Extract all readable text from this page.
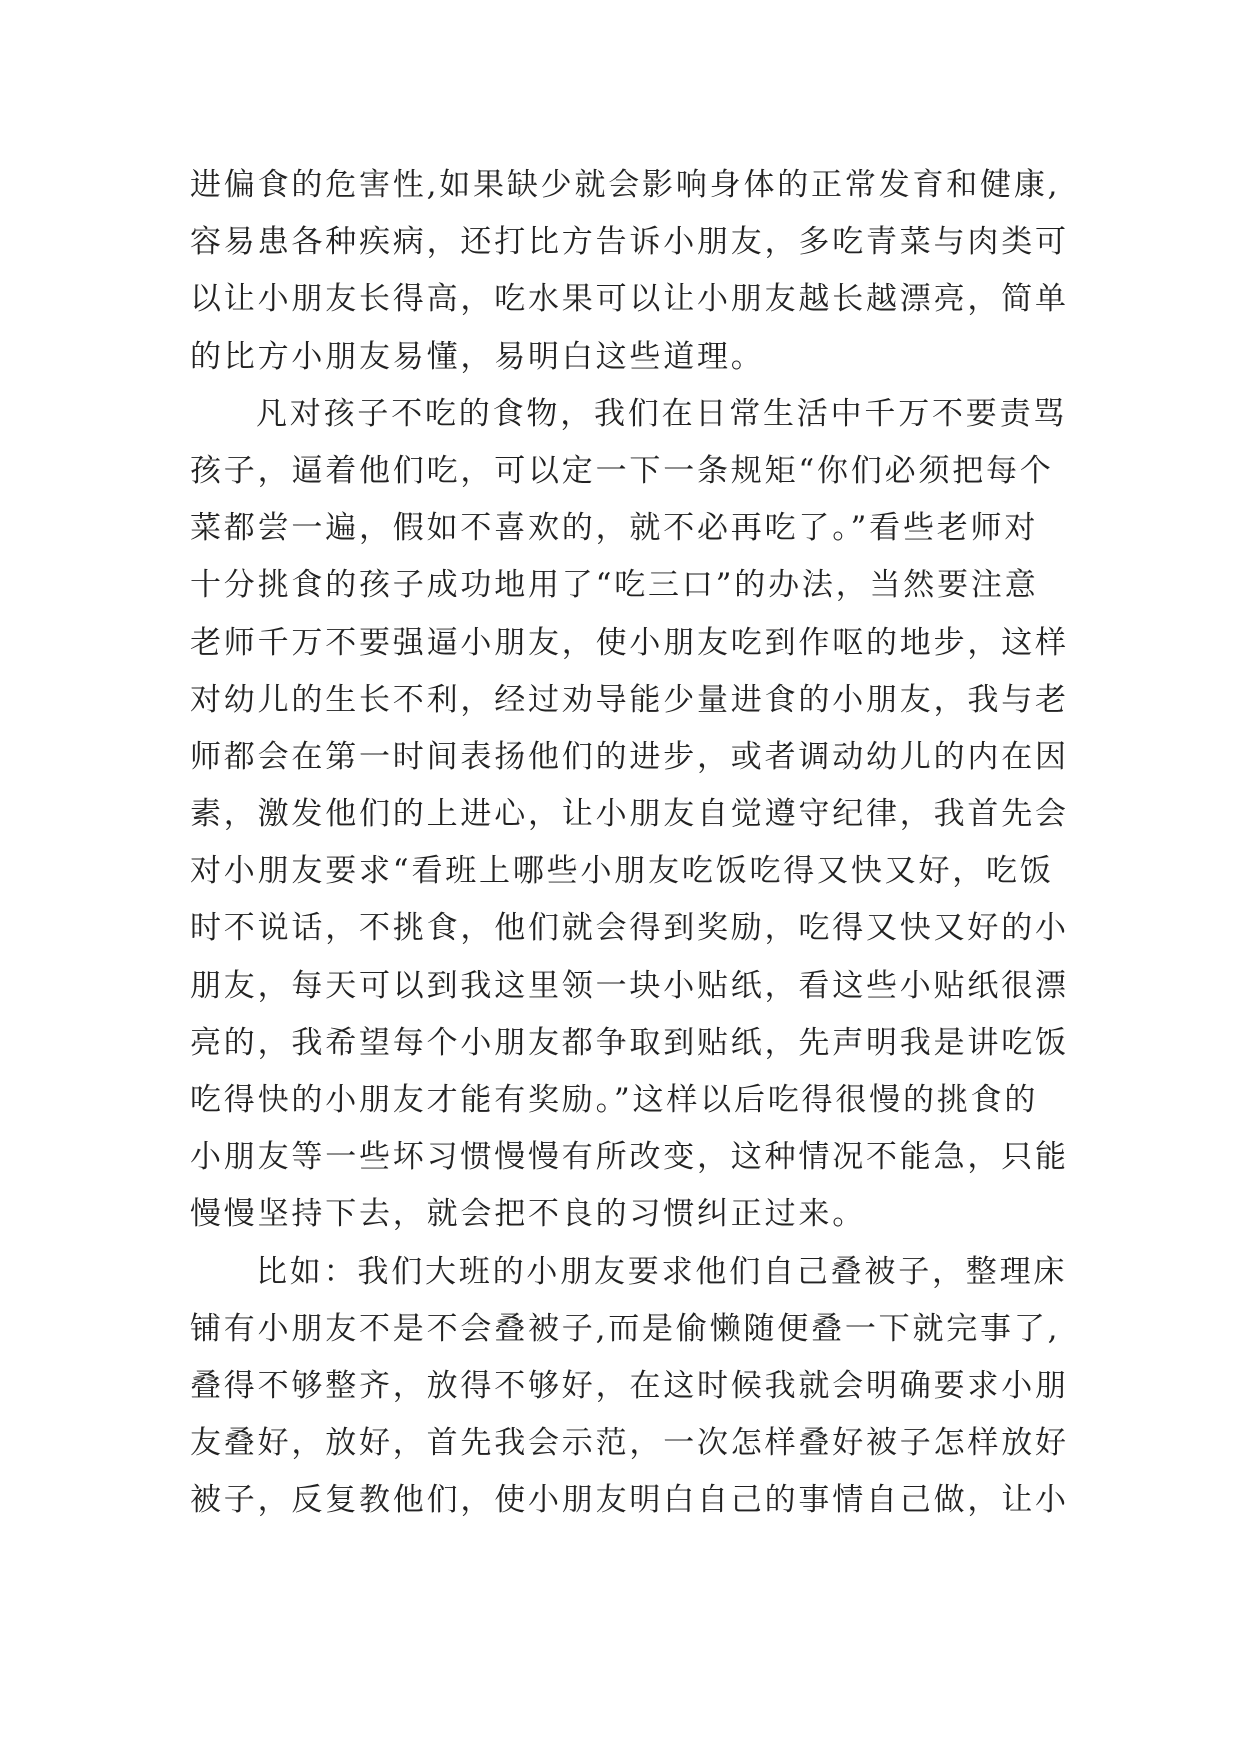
进偏食的危害性,如果缺少就会影响身体的正常发育和健康,
容易患各种疾病，还打比方告诉小朋友，多吃青菜与肉类可
以让小朋友长得高，吃水果可以让小朋友越长越漂亮，简单
的比方小朋友易懂，易明白这些道理。
凡对孩子不吃的食物，我们在日常生活中千万不要责骂
孩子，逼着他们吃，可以定一下一条规矩“你们必须把每个
菜都尝一遍，假如不喜欢的，就不必再吃了。”看些老师对
十分挑食的孩子成功地用了“吃三口”的办法，当然要注意
老师千万不要强逼小朋友，使小朋友吃到作呕的地步，这样
对幼儿的生长不利，经过劝导能少量进食的小朋友，我与老
师都会在第一时间表扬他们的进步，或者调动幼儿的内在因
素，激发他们的上进心，让小朋友自觉遵守纪律，我首先会
对小朋友要求“看班上哪些小朋友吃饭吃得又快又好，吃饭
时不说话，不挑食，他们就会得到奖励，吃得又快又好的小
朋友，每天可以到我这里领一块小贴纸，看这些小贴纸很漂
亮的，我希望每个小朋友都争取到贴纸，先声明我是讲吃饭
吃得快的小朋友才能有奖励。”这样以后吃得很慢的挑食的
小朋友等一些坏习惯慢慢有所改变，这种情况不能急，只能
慢慢坚持下去，就会把不良的习惯纠正过来。
比如：我们大班的小朋友要求他们自己叠被子，整理床
铺有小朋友不是不会叠被子,而是偷懒随便叠一下就完事了,
叠得不够整齐，放得不够好，在这时候我就会明确要求小朋
友叠好，放好，首先我会示范，一次怎样叠好被子怎样放好
被子，反复教他们，使小朋友明白自己的事情自己做，让小
